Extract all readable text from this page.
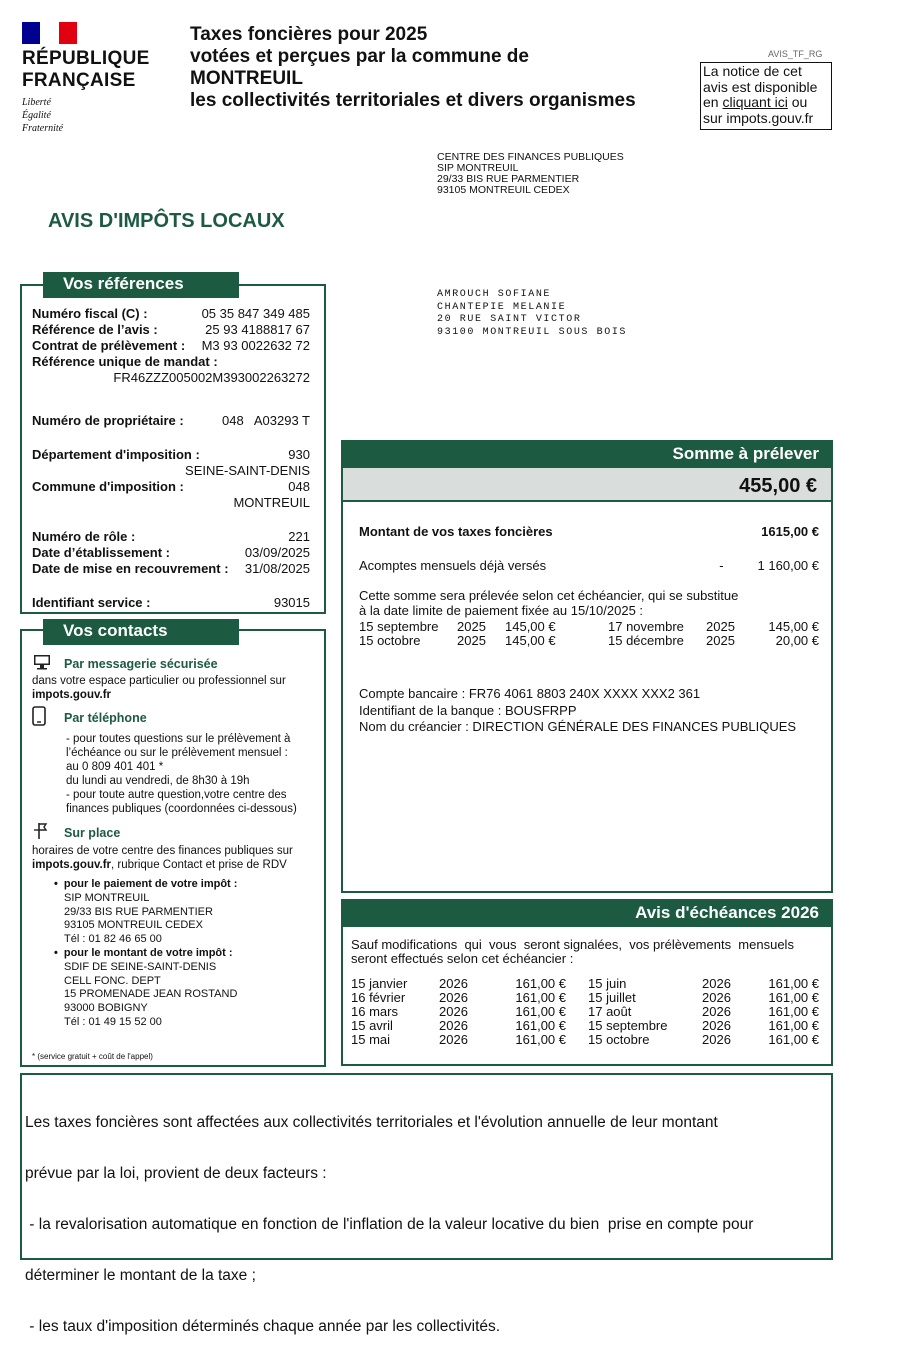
RÉPUBLIQUE
FRANÇAISE
Liberté
Égalité
Fraternité
Taxes foncières pour 2025
votées et perçues par la commune de
MONTREUIL
les collectivités territoriales et divers organismes
AVIS_TF_RG
La notice de cet
avis est disponible
en cliquant ici ou
sur impots.gouv.fr
CENTRE DES FINANCES PUBLIQUES
SIP MONTREUIL
29/33 BIS RUE PARMENTIER
93105 MONTREUIL CEDEX
AVIS D'IMPÔTS LOCAUX
AMROUCH SOFIANE
CHANTEPIE MELANIE
20 RUE SAINT VICTOR
93100 MONTREUIL SOUS BOIS
Vos références
Numéro fiscal (C) :	05 35 847 349 485
Référence de l’avis :	25 93 4188817 67
Contrat de prélèvement : M3 93 0022632 72
Référence unique de mandat :
FR46ZZZ005002M393002263272
Numéro de propriétaire :	048   A03293 T
Département d'imposition :	930
SEINE-SAINT-DENIS
Commune d'imposition :	048
MONTREUIL
Numéro de rôle :	221
Date d’établissement :	03/09/2025
Date de mise en recouvrement : 31/08/2025
Identifiant service :	93015
Vos contacts
Par messagerie sécurisée
dans votre espace particulier ou professionnel sur
impots.gouv.fr
Par téléphone
- pour toutes questions sur le prélèvement à
l’échéance ou sur le prélèvement mensuel :
au 0 809 401 401 *
du lundi au vendredi, de 8h30 à 19h
- pour toute autre question,votre centre des
finances publiques (coordonnées ci-dessous)
Sur place
horaires de votre centre des finances publiques sur
impots.gouv.fr, rubrique Contact et prise de RDV
• pour le paiement de votre impôt :
SIP MONTREUIL
29/33 BIS RUE PARMENTIER
93105 MONTREUIL CEDEX
Tél : 01 82 46 65 00
• pour le montant de votre impôt :
SDIF DE SEINE-SAINT-DENIS
CELL FONC. DEPT
15 PROMENADE JEAN ROSTAND
93000 BOBIGNY
Tél : 01 49 15 52 00
* (service gratuit + coût de l'appel)
Somme à prélever
455,00 €
Montant de vos taxes foncières	1615,00 €
Acomptes mensuels déjà versés	-	1 160,00 €
Cette somme sera prélevée selon cet échéancier, qui se substitue
à la date limite de paiement fixée au 15/10/2025 :
15 septembre 2025 145,00 €
15 octobre	2025 145,00 €
17 novembre	2025	145,00 €
15 décembre	2025	20,00 €
Compte bancaire : FR76 4061 8803 240X XXXX XXX2 361
Identifiant de la banque : BOUSFRPP
Nom du créancier : DIRECTION GÉNÉRALE DES FINANCES PUBLIQUES
Avis d'échéances 2026
Sauf modifications  qui  vous  seront signalées,  vos prélèvements  mensuels
seront effectués selon cet échéancier :
15 janvier	2026	161,00 €
16 février	2026	161,00 €
16 mars	2026	161,00 €
15 avril	2026	161,00 €
15 mai	2026	161,00 €
15 juin	2026	161,00 €
15 juillet	2026	161,00 €
17 août	2026	161,00 €
15 septembre	2026	161,00 €
15 octobre	2026	161,00 €

Les taxes foncières sont affectées aux collectivités territoriales et l'évolution annuelle de leur montant

prévue par la loi, provient de deux facteurs :

- la revalorisation automatique en fonction de l'inflation de la valeur locative du bien  prise en compte pour

déterminer le montant de la taxe ;

- les taux d'imposition déterminés chaque année par les collectivités.
